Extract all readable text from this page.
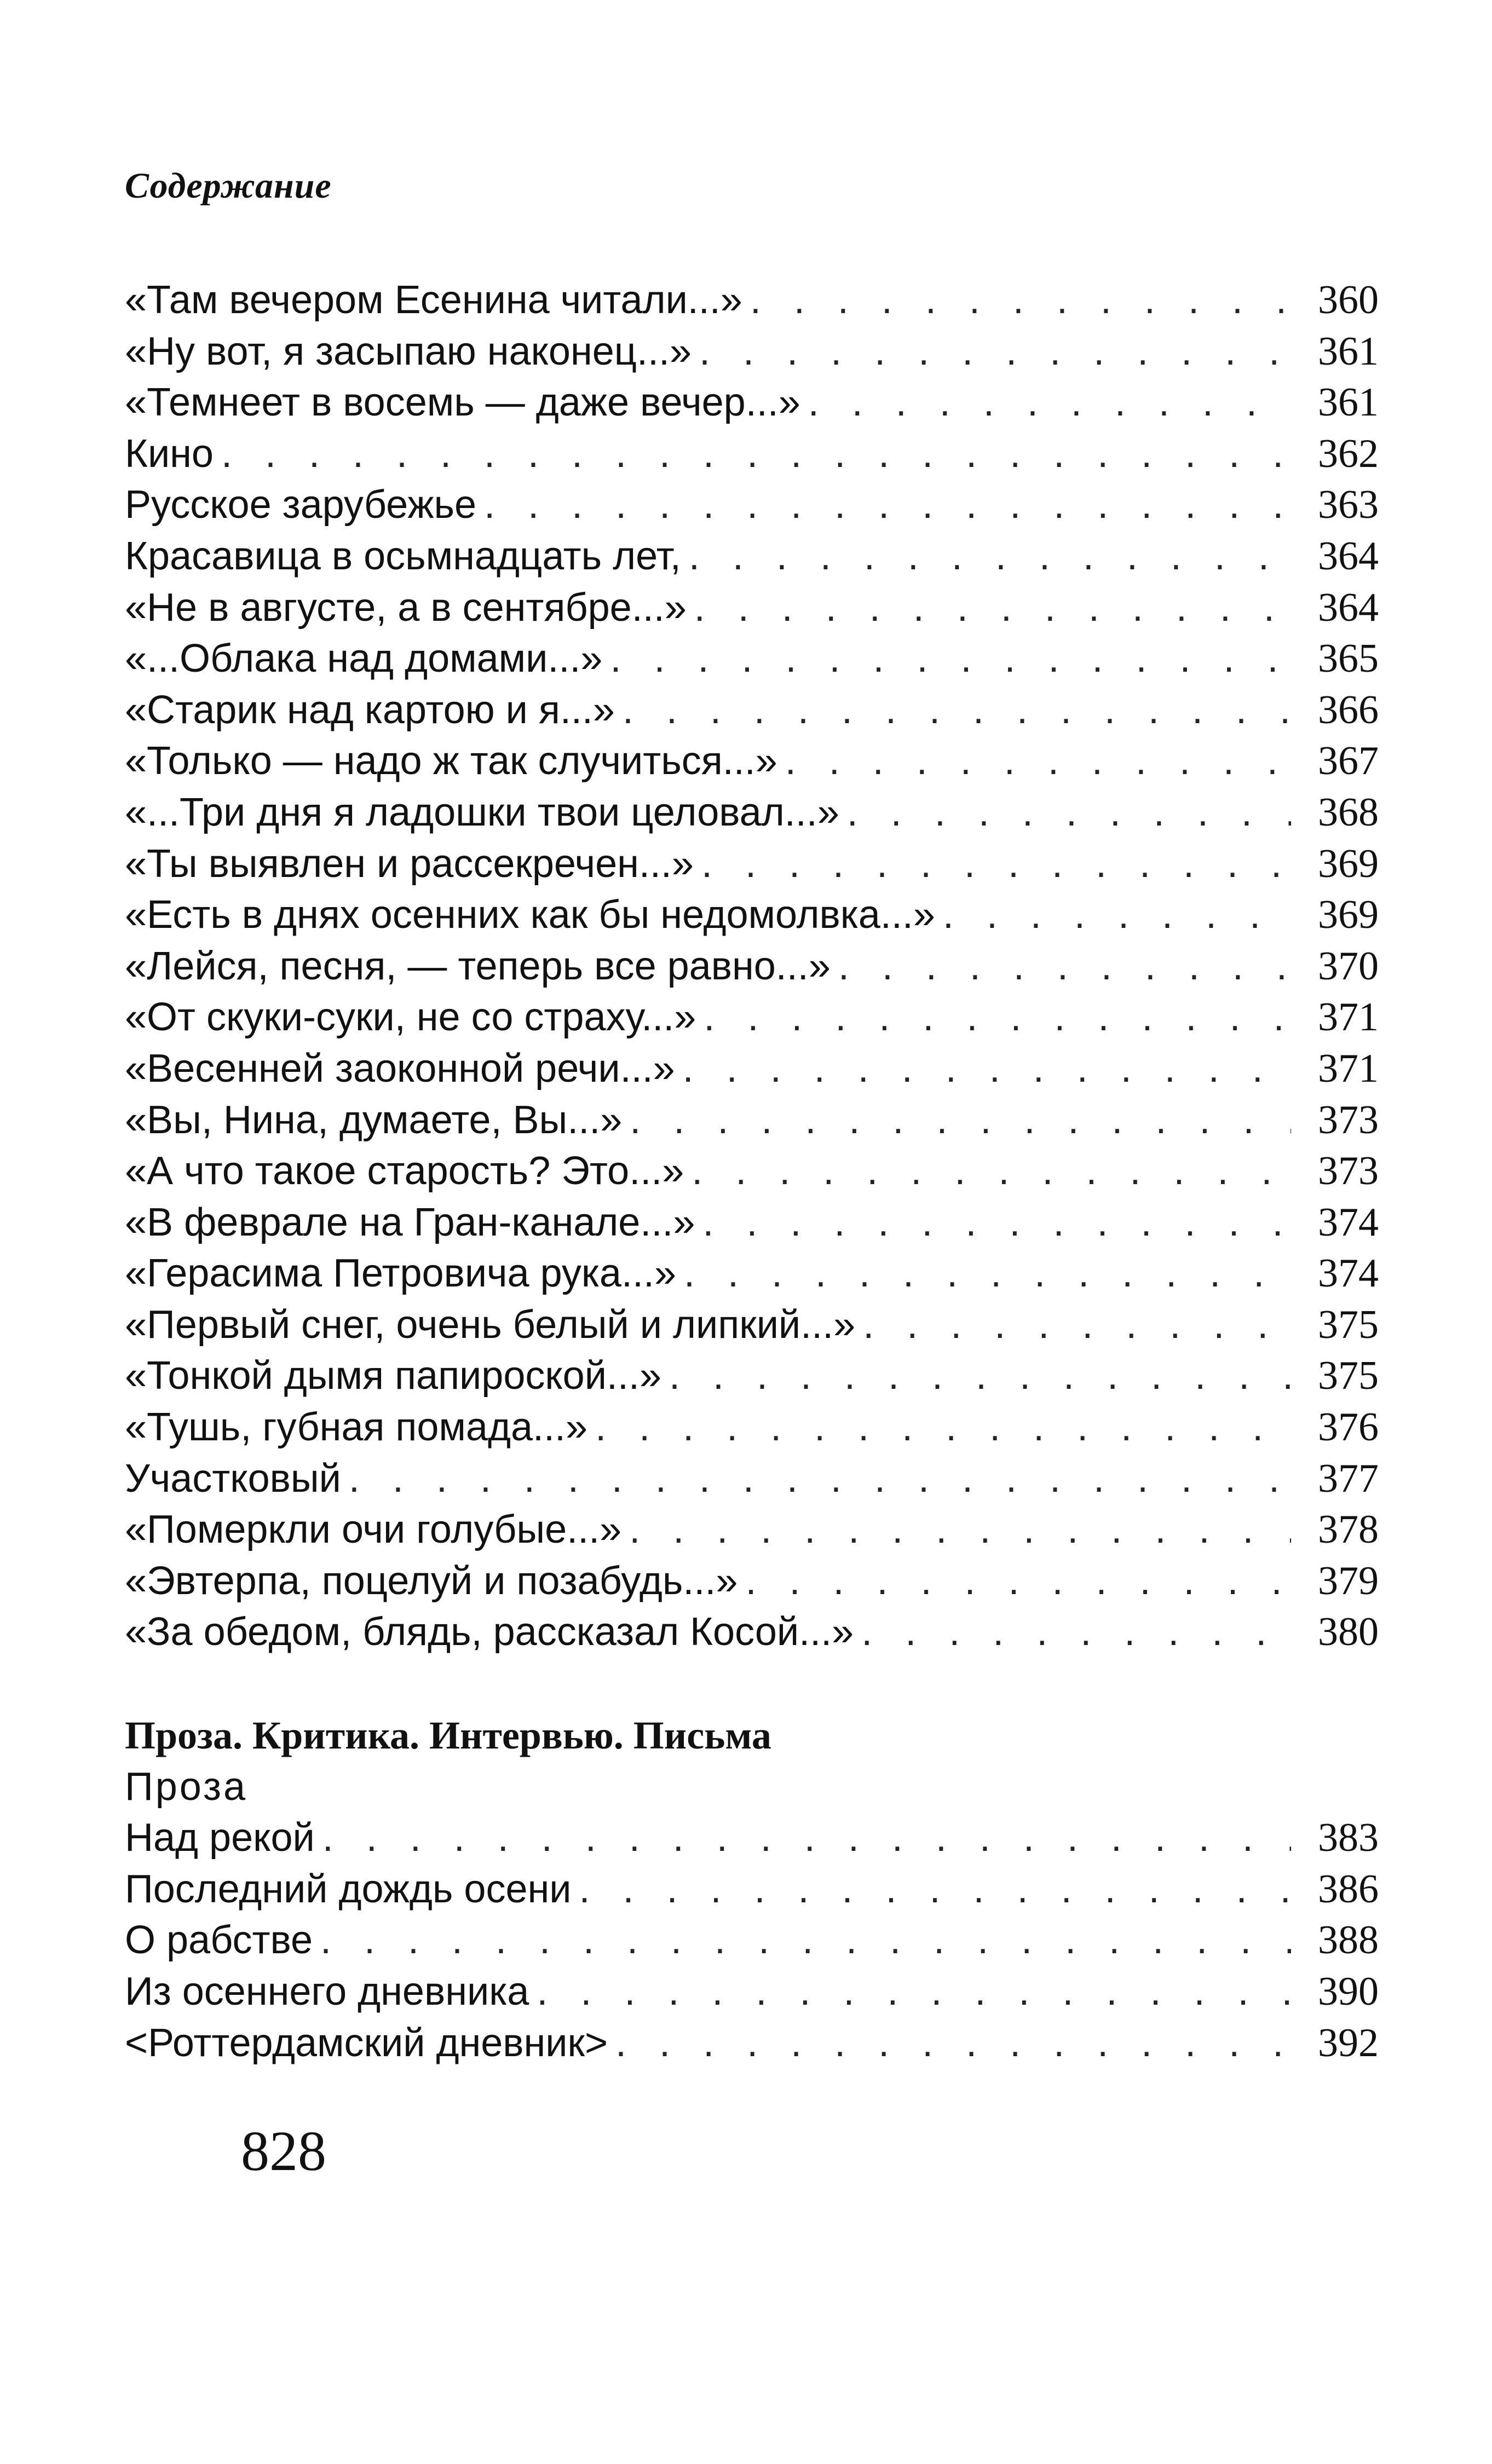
Содержание
«Там вечером Есенина читали...» . . .	360
«Ну вот, я засыпаю наконец...» . . .	361
«Темнеет в восемь — даже вечер...» . . .	361
Кино . . .	362
Русское зарубежье . . .	363
Красавица в осьмнадцать лет, . . .	364
«Не в августе, а в сентябре...» . . .	364
«...Облака над домами...» . . .	365
«Старик над картою и я...» . . .	366
«Только — надо ж так случиться...» . . .	367
«...Три дня я ладошки твои целовал...» . . .	368
«Ты выявлен и рассекречен...» . . .	369
«Есть в днях осенних как бы недомолвка...» . . .	369
«Лейся, песня, — теперь все равно...» . . .	370
«От скуки-суки, не со страху...» . . .	371
«Весенней заоконной речи...» . . .	371
«Вы, Нина, думаете, Вы...» . . .	373
«А что такое старость? Это...» . . .	373
«В феврале на Гран-канале...» . . .	374
«Герасима Петровича рука...» . . .	374
«Первый снег, очень белый и липкий...» . . .	375
«Тонкой дымя папироской...» . . .	375
«Тушь, губная помада...» . . .	376
Участковый . . .	377
«Померкли очи голубые...» . . .	378
«Эвтерпа, поцелуй и позабудь...» . . .	379
«За обедом, блядь, рассказал Косой...» . . .	380
Проза. Критика. Интервью. Письма
Проза
Над рекой . . .	383
Последний дождь осени . . .	386
О рабстве . . .	388
Из осеннего дневника . . .	390
<Роттердамский дневник> . . .	392
828
